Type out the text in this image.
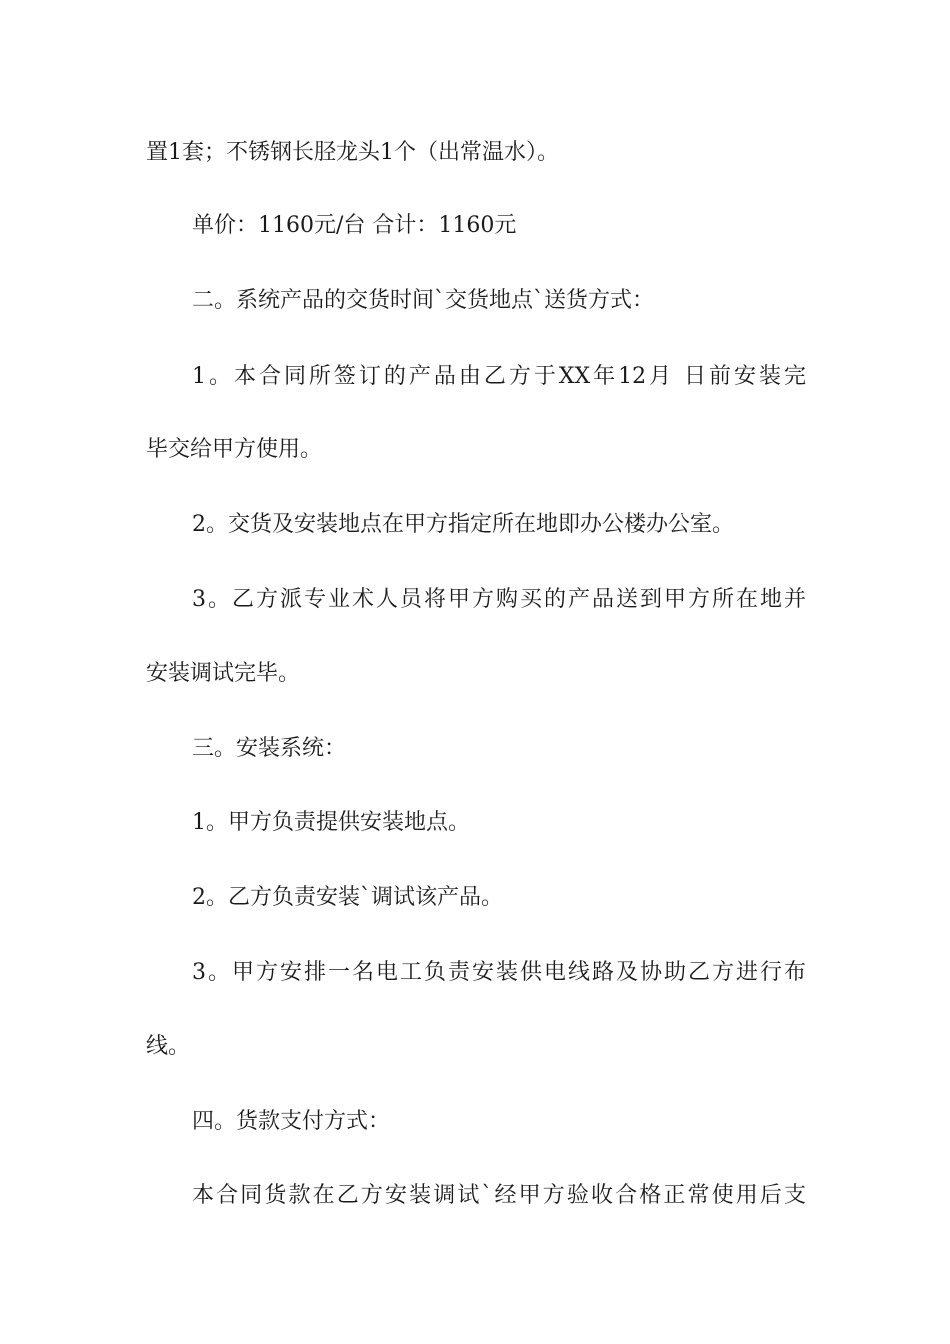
置1套；不锈钢长胫龙头1个（出常温水）。
单价：1160元/台 合计：1160元
二。系统产品的交货时间`交货地点`送货方式：
1。本合同所签订的产品由乙方于XX年12月 日前安装完
毕交给甲方使用。
2。交货及安装地点在甲方指定所在地即办公楼办公室。
3。乙方派专业术人员将甲方购买的产品送到甲方所在地并
安装调试完毕。
三。安装系统：
1。甲方负责提供安装地点。
2。乙方负责安装`调试该产品。
3。甲方安排一名电工负责安装供电线路及协助乙方进行布
线。
四。货款支付方式：
本合同货款在乙方安装调试`经甲方验收合格正常使用后支
